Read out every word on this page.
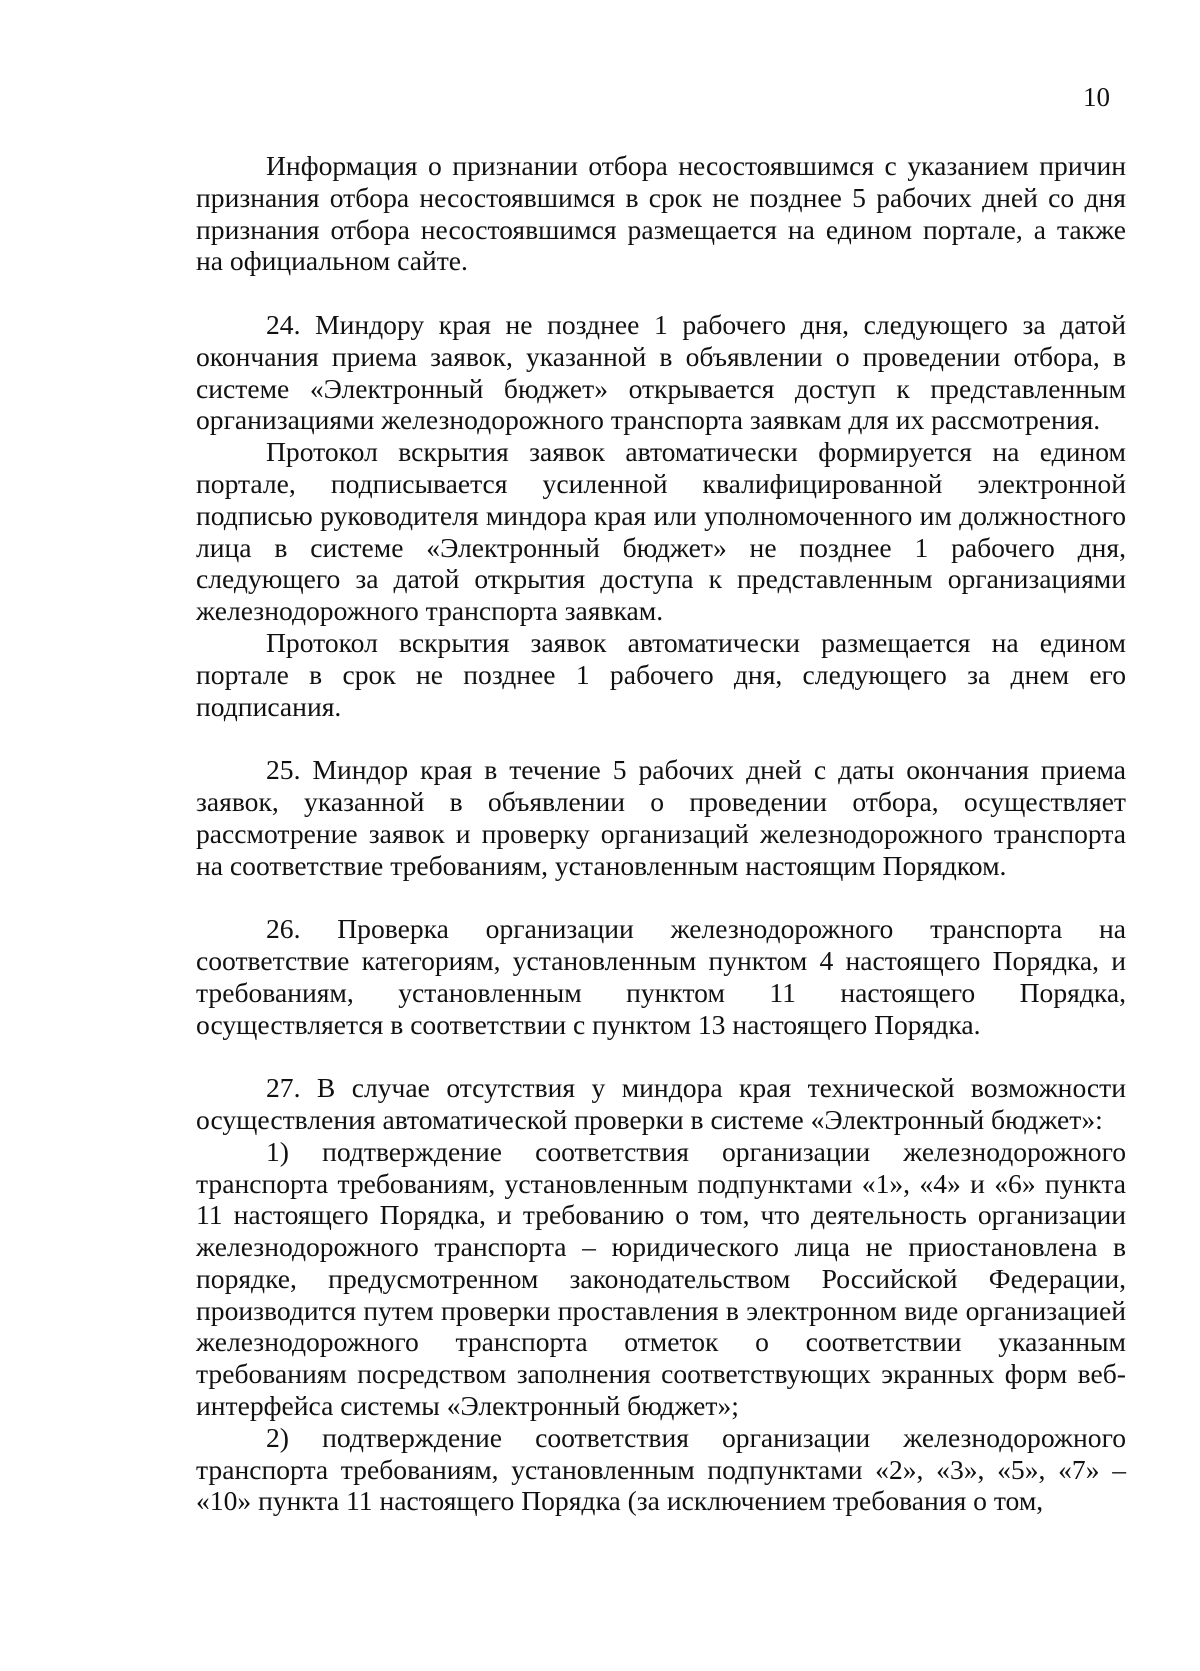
10

Информация о признании отбора несостоявшимся с указанием причин признания отбора несостоявшимся в срок не позднее 5 рабочих дней со дня признания отбора несостоявшимся размещается на едином портале, а также на официальном сайте.

24. Миндору края не позднее 1 рабочего дня, следующего за датой окончания приема заявок, указанной в объявлении о проведении отбора, в системе «Электронный бюджет» открывается доступ к представленным организациями железнодорожного транспорта заявкам для их рассмотрения.

Протокол вскрытия заявок автоматически формируется на едином портале, подписывается усиленной квалифицированной электронной подписью руководителя миндора края или уполномоченного им должностного лица в системе «Электронный бюджет» не позднее 1 рабочего дня, следующего за датой открытия доступа к представленным организациями железнодорожного транспорта заявкам.

Протокол вскрытия заявок автоматически размещается на едином портале в срок не позднее 1 рабочего дня, следующего за днем его подписания.

25. Миндор края в течение 5 рабочих дней с даты окончания приема заявок, указанной в объявлении о проведении отбора, осуществляет рассмотрение заявок и проверку организаций железнодорожного транспорта на соответствие требованиям, установленным настоящим Порядком.

26. Проверка организации железнодорожного транспорта на соответствие категориям, установленным пунктом 4 настоящего Порядка, и требованиям, установленным пунктом 11 настоящего Порядка, осуществляется в соответствии с пунктом 13 настоящего Порядка.

27. В случае отсутствия у миндора края технической возможности осуществления автоматической проверки в системе «Электронный бюджет»:

1) подтверждение соответствия организации железнодорожного транспорта требованиям, установленным подпунктами «1», «4» и «6» пункта 11 настоящего Порядка, и требованию о том, что деятельность организации железнодорожного транспорта – юридического лица не приостановлена в порядке, предусмотренном законодательством Российской Федерации, производится путем проверки проставления в электронном виде организацией железнодорожного транспорта отметок о соответствии указанным требованиям посредством заполнения соответствующих экранных форм веб-интерфейса системы «Электронный бюджет»;

2) подтверждение соответствия организации железнодорожного транспорта требованиям, установленным подпунктами «2», «3», «5», «7» – «10» пункта 11 настоящего Порядка (за исключением требования о том,
